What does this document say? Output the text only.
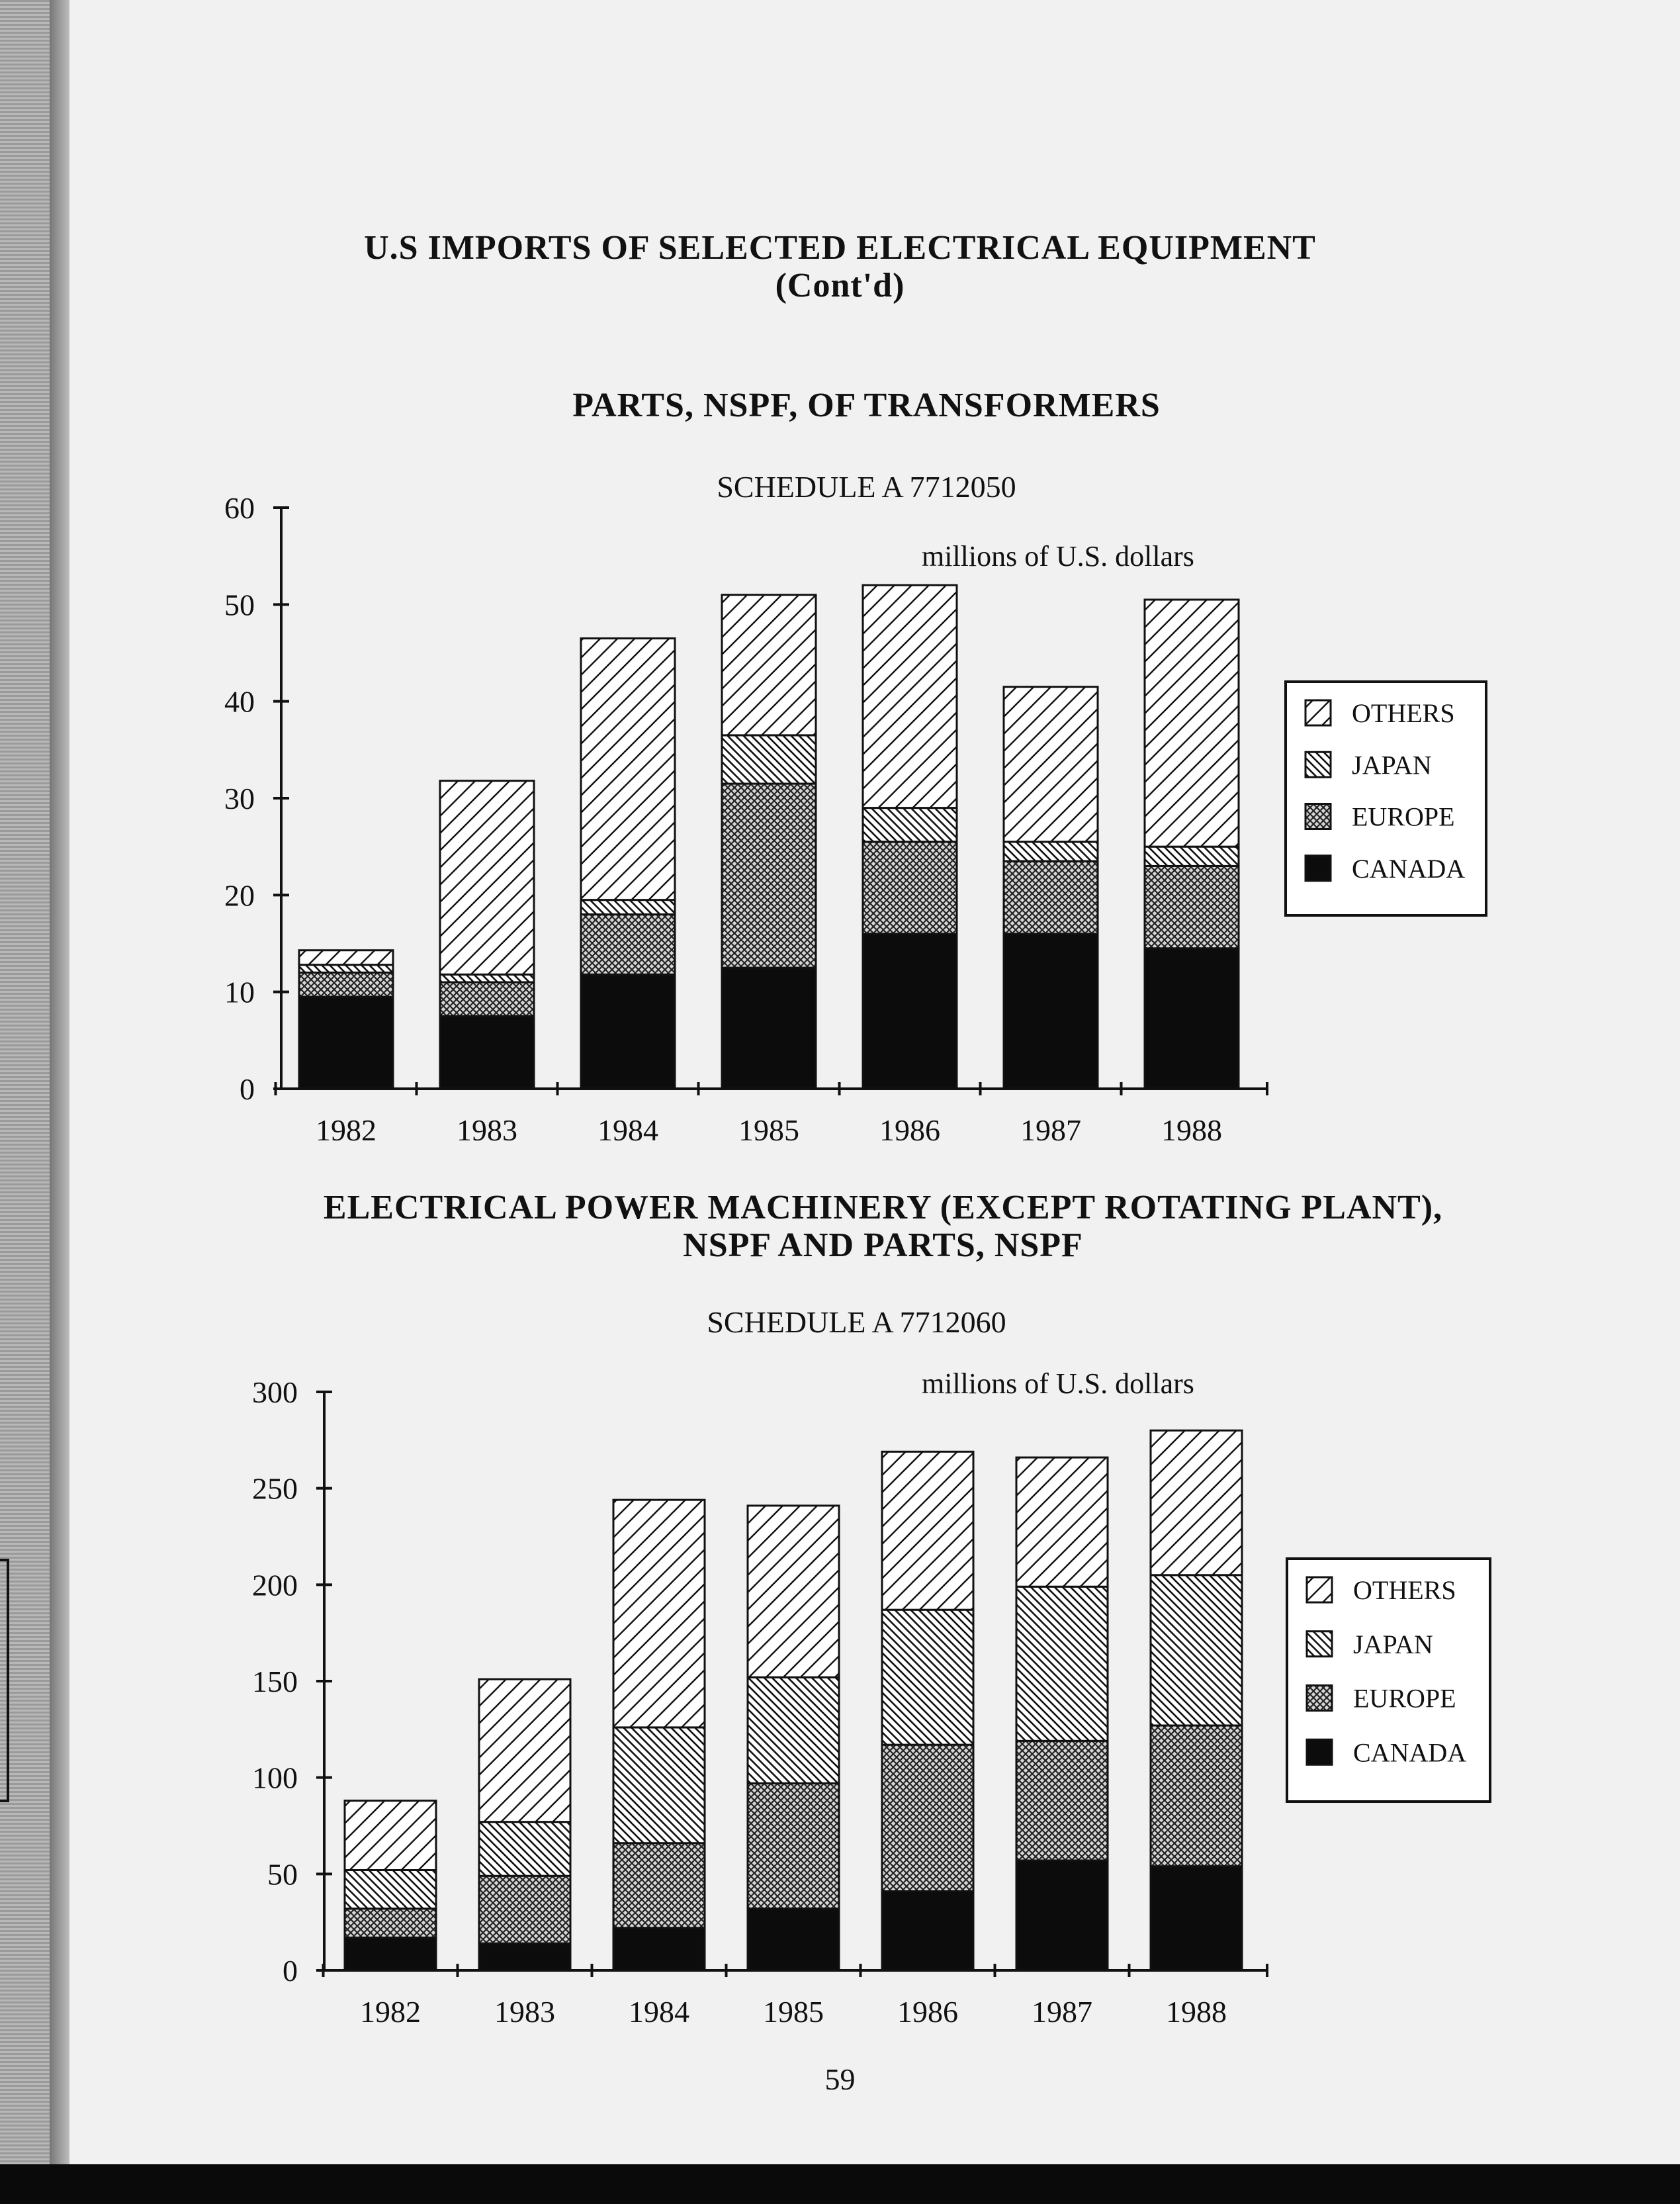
U.S IMPORTS OF SELECTED ELECTRICAL EQUIPMENT
(Cont'd)
PARTS, NSPF, OF TRANSFORMERS
SCHEDULE A 7712050
millions of U.S. dollars
ELECTRICAL POWER MACHINERY (EXCEPT ROTATING PLANT),
NSPF AND PARTS, NSPF
SCHEDULE A 7712060
millions of U.S. dollars
1982	1983	1984	1985	1986	1987	1988
0
10
20
30
40
50
60
OTHERS
JAPAN
EUROPE
CANADA
1982 1983 1984 1985 1986 1987 1988
0
50
100
150
200
250
300
OTHERS
JAPAN
EUROPE
CANADA
59
